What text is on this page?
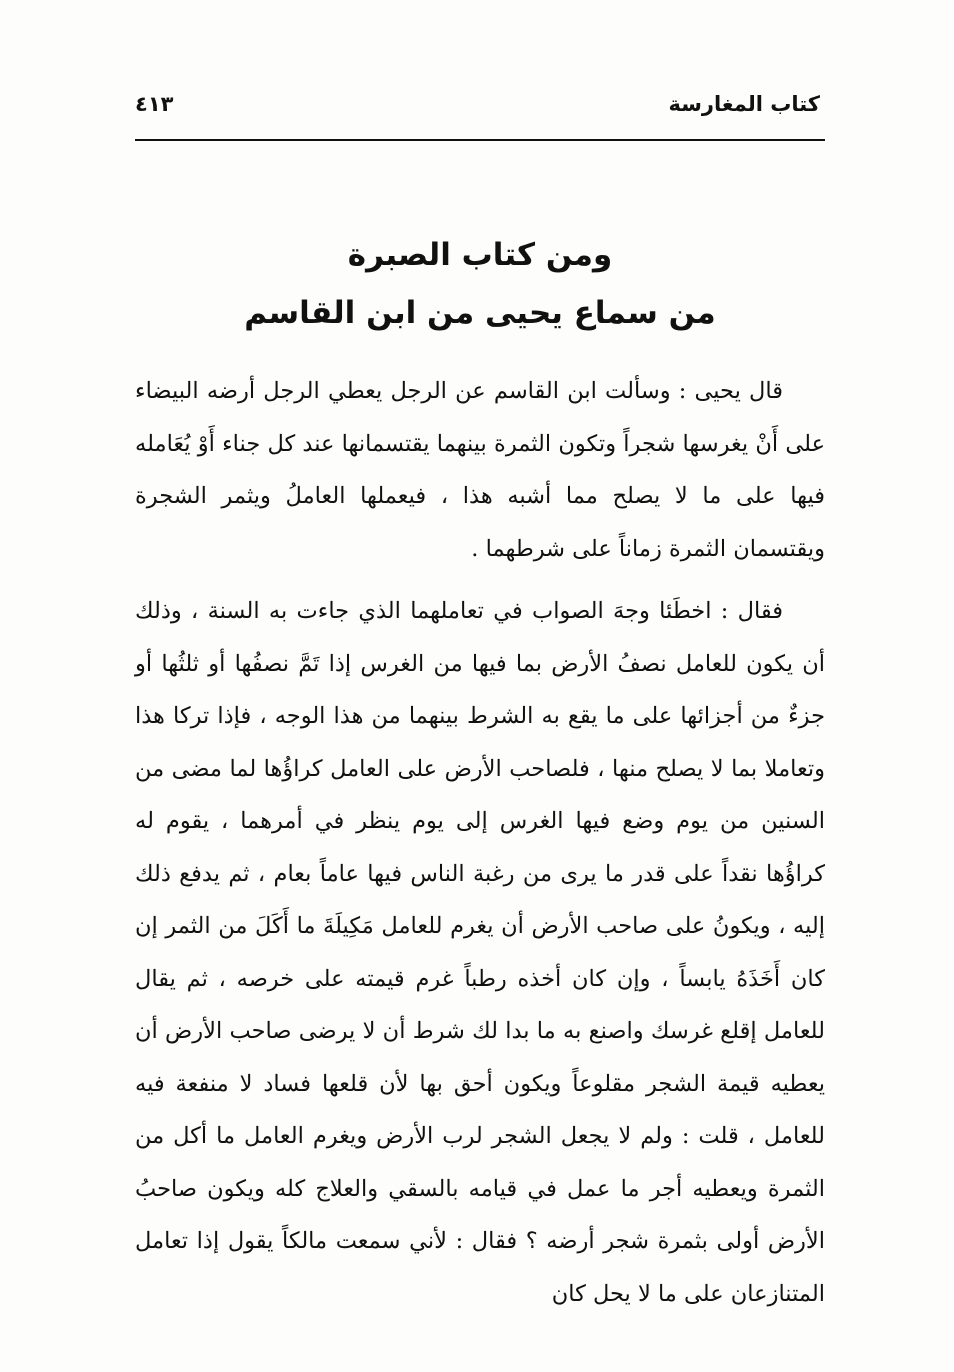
كتاب المغارسة
٤١٣
ومن كتاب الصبرة
من سماع يحيى من ابن القاسم

قال يحيى : وسألت ابن القاسم عن الرجل يعطي الرجل أرضه البيضاء على أَنْ يغرسها شجراً وتكون الثمرة بينهما يقتسمانها عند كل جناء أَوْ يُعَامله فيها على ما لا يصلح مما أشبه هذا ، فيعملها العاملُ ويثمر الشجرة ويقتسمان الثمرة زماناً على شرطهما .

فقال : اخطَئا وجهَ الصواب في تعاملهما الذي جاءت به السنة ، وذلك أن يكون للعامل نصفُ الأرض بما فيها من الغرس إذا تَمَّ نصفُها أو ثلثُها أو جزءٌ من أجزائها على ما يقع به الشرط بينهما من هذا الوجه ، فإذا تركا هذا وتعاملا بما لا يصلح منها ، فلصاحب الأرض على العامل كراؤُها لما مضى من السنين من يوم وضع فيها الغرس إلى يوم ينظر في أمرهما ، يقوم له كراؤُها نقداً على قدر ما يرى من رغبة الناس فيها عاماً بعام ، ثم يدفع ذلك إليه ، ويكونُ على صاحب الأرض أن يغرم للعامل مَكِيلَةَ ما أَكَلَ من الثمر إن كان أَخَذَهُ يابساً ، وإن كان أخذه رطباً غرم قيمته على خرصه ، ثم يقال للعامل إقلع غرسك واصنع به ما بدا لك شرط أن لا يرضى صاحب الأرض أن يعطيه قيمة الشجر مقلوعاً ويكون أحق بها لأن قلعها فساد لا منفعة فيه للعامل ، قلت : ولم لا يجعل الشجر لرب الأرض ويغرم العامل ما أكل من الثمرة ويعطيه أجر ما عمل في قيامه بالسقي والعلاج كله ويكون صاحبُ الأرض أولى بثمرة شجر أرضه ؟ فقال : لأني سمعت مالكاً يقول إذا تعامل المتنازعان على ما لا يحل كان
